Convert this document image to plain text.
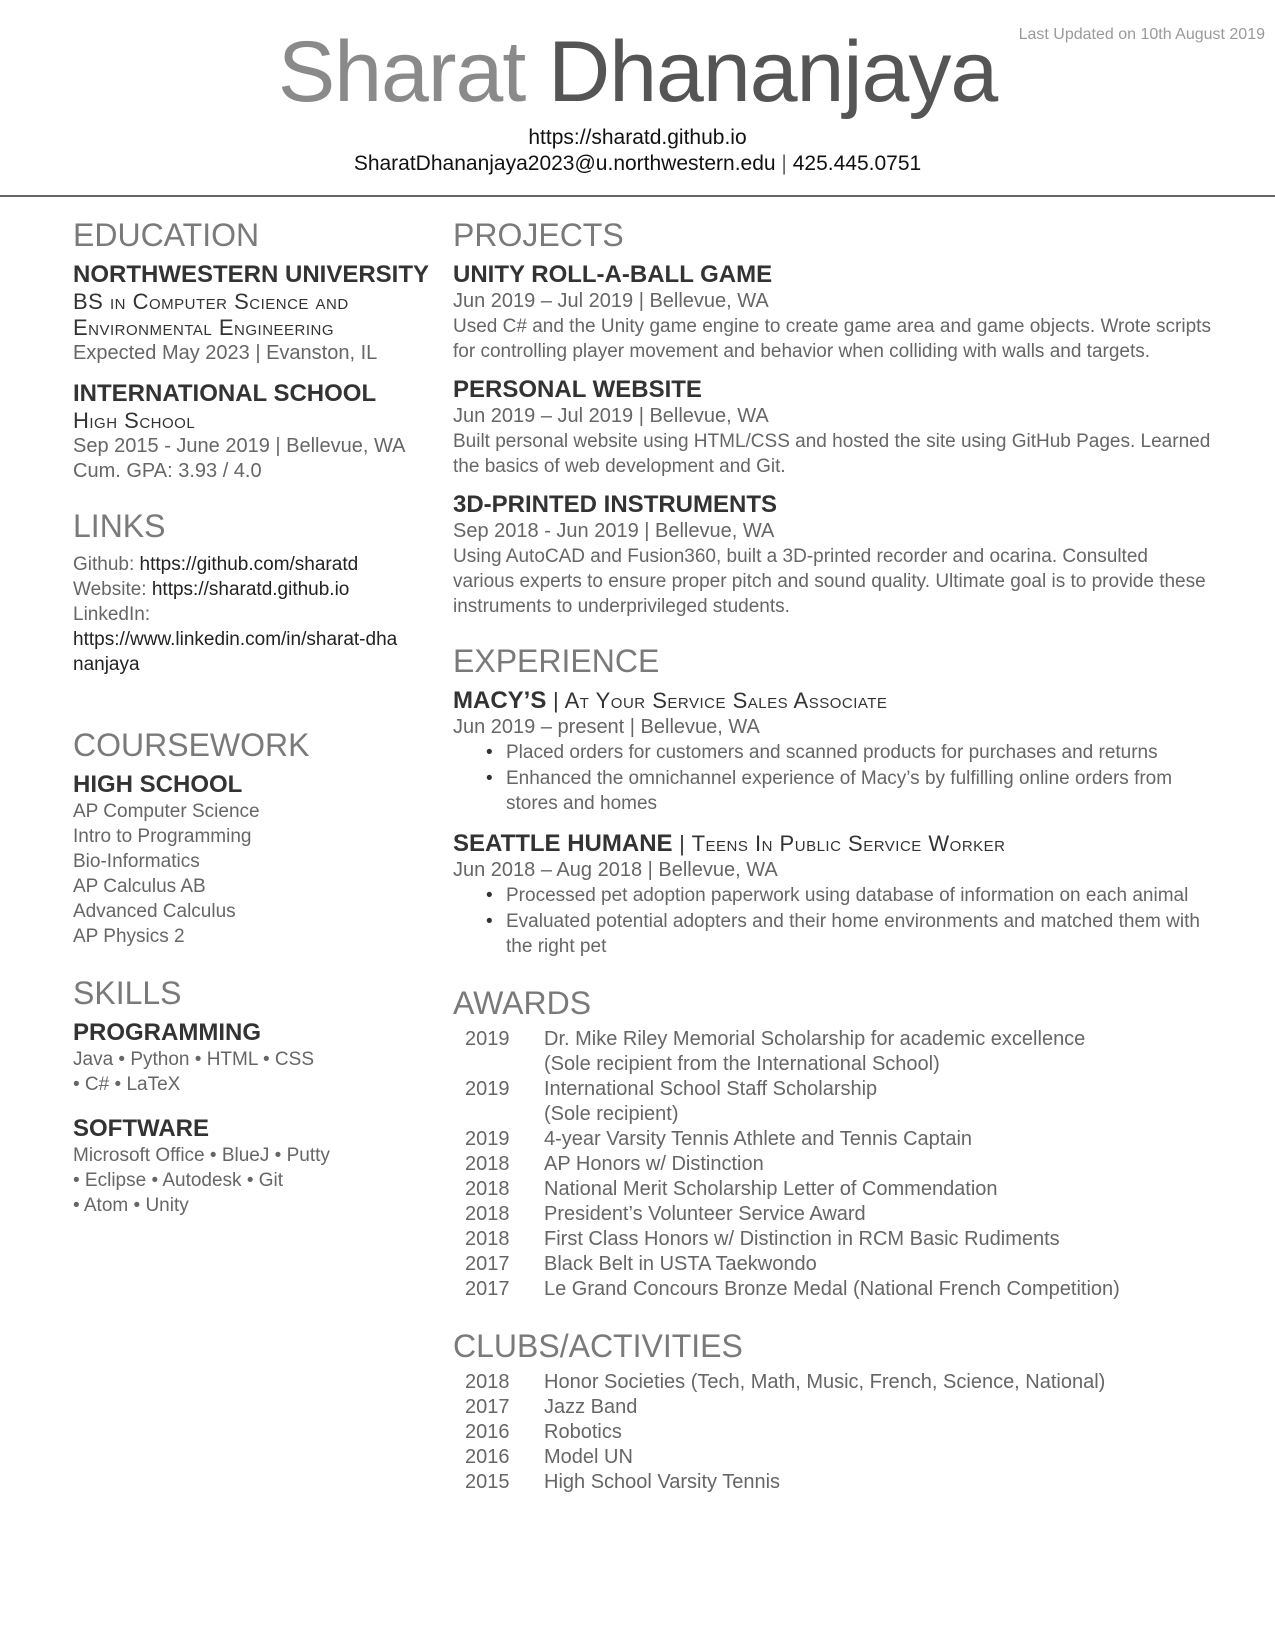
Last Updated on 10th August 2019
Sharat Dhananjaya
https://sharatd.github.io
SharatDhananjaya2023@u.northwestern.edu | 425.445.0751
EDUCATION
NORTHWESTERN UNIVERSITY
BS in Computer Science and Environmental Engineering
Expected May 2023 | Evanston, IL
INTERNATIONAL SCHOOL
High School
Sep 2015 - June 2019 | Bellevue, WA
Cum. GPA: 3.93 / 4.0
LINKS
Github: https://github.com/sharatd
Website: https://sharatd.github.io
LinkedIn:
https://www.linkedin.com/in/sharat-dhananjaya
COURSEWORK
HIGH SCHOOL
AP Computer Science
Intro to Programming
Bio-Informatics
AP Calculus AB
Advanced Calculus
AP Physics 2
SKILLS
PROGRAMMING
Java • Python • HTML • CSS
• C# • LaTeX
SOFTWARE
Microsoft Office • BlueJ • Putty
• Eclipse • Autodesk • Git
• Atom • Unity
PROJECTS
UNITY ROLL-A-BALL GAME
Jun 2019 – Jul 2019 | Bellevue, WA
Used C# and the Unity game engine to create game area and game objects. Wrote scripts for controlling player movement and behavior when colliding with walls and targets.
PERSONAL WEBSITE
Jun 2019 – Jul 2019 | Bellevue, WA
Built personal website using HTML/CSS and hosted the site using GitHub Pages. Learned the basics of web development and Git.
3D-PRINTED INSTRUMENTS
Sep 2018 - Jun 2019 | Bellevue, WA
Using AutoCAD and Fusion360, built a 3D-printed recorder and ocarina. Consulted various experts to ensure proper pitch and sound quality. Ultimate goal is to provide these instruments to underprivileged students.
EXPERIENCE
MACY’S | At Your Service Sales Associate
Jun 2019 – present | Bellevue, WA
• Placed orders for customers and scanned products for purchases and returns
• Enhanced the omnichannel experience of Macy’s by fulfilling online orders from stores and homes
SEATTLE HUMANE | Teens In Public Service Worker
Jun 2018 – Aug 2018 | Bellevue, WA
• Processed pet adoption paperwork using database of information on each animal
• Evaluated potential adopters and their home environments and matched them with the right pet
AWARDS
2019	Dr. Mike Riley Memorial Scholarship for academic excellence
(Sole recipient from the International School)
2019	International School Staff Scholarship
(Sole recipient)
2019	4-year Varsity Tennis Athlete and Tennis Captain
2018	AP Honors w/ Distinction
2018	National Merit Scholarship Letter of Commendation
2018	President’s Volunteer Service Award
2018	First Class Honors w/ Distinction in RCM Basic Rudiments
2017	Black Belt in USTA Taekwondo
2017	Le Grand Concours Bronze Medal (National French Competition)
CLUBS/ACTIVITIES
2018	Honor Societies (Tech, Math, Music, French, Science, National)
2017	Jazz Band
2016	Robotics
2016	Model UN
2015	High School Varsity Tennis
